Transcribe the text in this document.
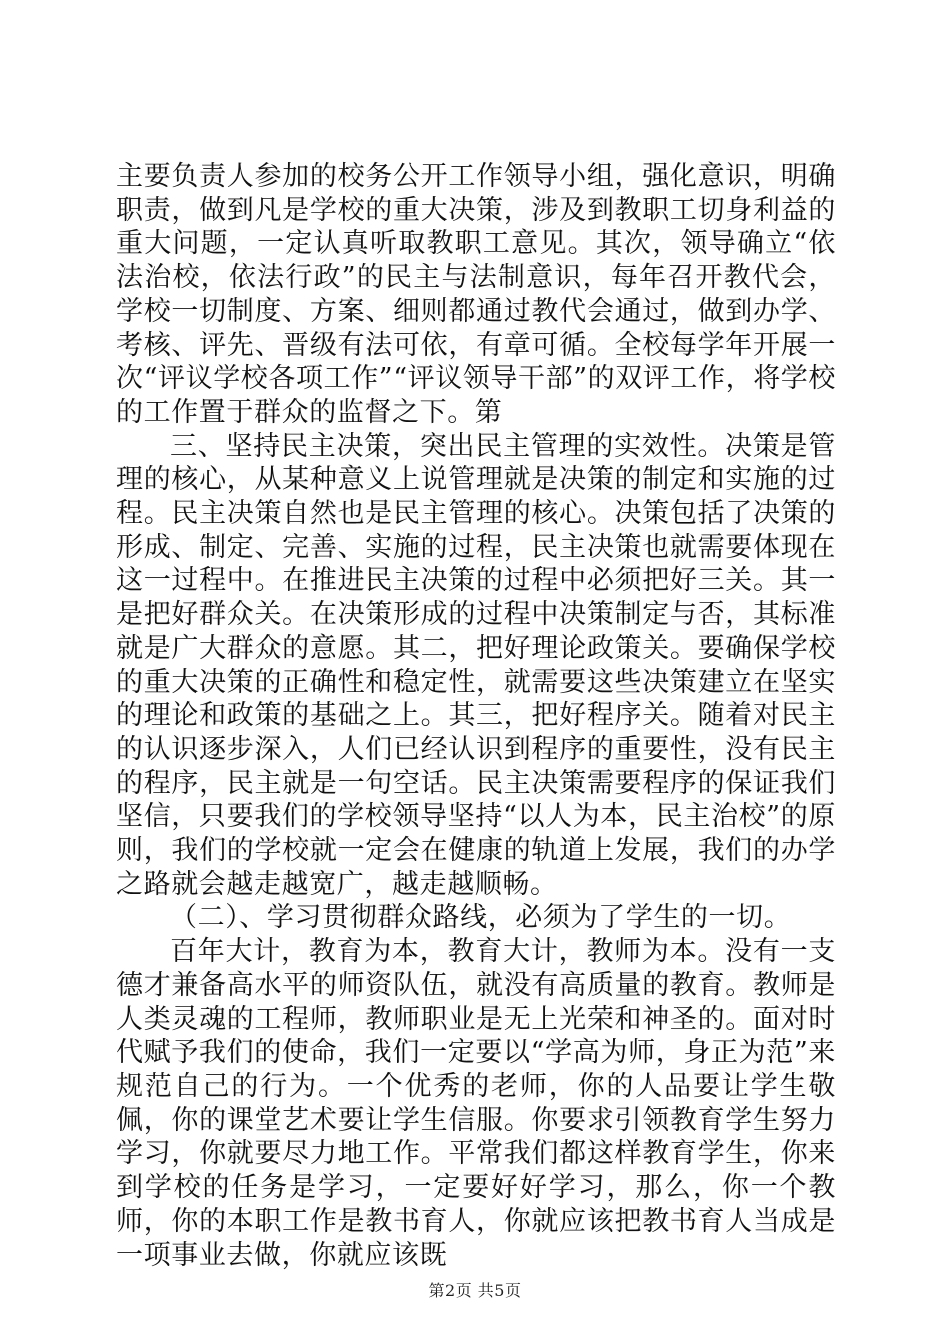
主要负责人参加的校务公开工作领导小组，强化意识，明确职责，做到凡是学校的重大决策，涉及到教职工切身利益的重大问题，一定认真听取教职工意见。其次，领导确立“依法治校，依法行政”的民主与法制意识，每年召开教代会，学校一切制度、方案、细则都通过教代会通过，做到办学、考核、评先、晋级有法可依，有章可循。全校每学年开展一次“评议学校各项工作”“评议领导干部”的双评工作，将学校的工作置于群众的监督之下。第

三、坚持民主决策，突出民主管理的实效性。决策是管理的核心，从某种意义上说管理就是决策的制定和实施的过程。民主决策自然也是民主管理的核心。决策包括了决策的形成、制定、完善、实施的过程，民主决策也就需要体现在这一过程中。在推进民主决策的过程中必须把好三关。其一是把好群众关。在决策形成的过程中决策制定与否，其标准就是广大群众的意愿。其二，把好理论政策关。要确保学校的重大决策的正确性和稳定性，就需要这些决策建立在坚实的理论和政策的基础之上。其三，把好程序关。随着对民主的认识逐步深入，人们已经认识到程序的重要性，没有民主的程序，民主就是一句空话。民主决策需要程序的保证我们坚信，只要我们的学校领导坚持“以人为本，民主治校”的原则，我们的学校就一定会在健康的轨道上发展，我们的办学之路就会越走越宽广，越走越顺畅。

（二）、学习贯彻群众路线，必须为了学生的一切。

百年大计，教育为本，教育大计，教师为本。没有一支德才兼备高水平的师资队伍，就没有高质量的教育。教师是人类灵魂的工程师，教师职业是无上光荣和神圣的。面对时代赋予我们的使命，我们一定要以“学高为师，身正为范”来规范自己的行为。一个优秀的老师，你的人品要让学生敬佩，你的课堂艺术要让学生信服。你要求引领教育学生努力学习，你就要尽力地工作。平常我们都这样教育学生，你来到学校的任务是学习，一定要好好学习，那么，你一个教师，你的本职工作是教书育人，你就应该把教书育人当成是一项事业去做，你就应该既

第2页 共5页
